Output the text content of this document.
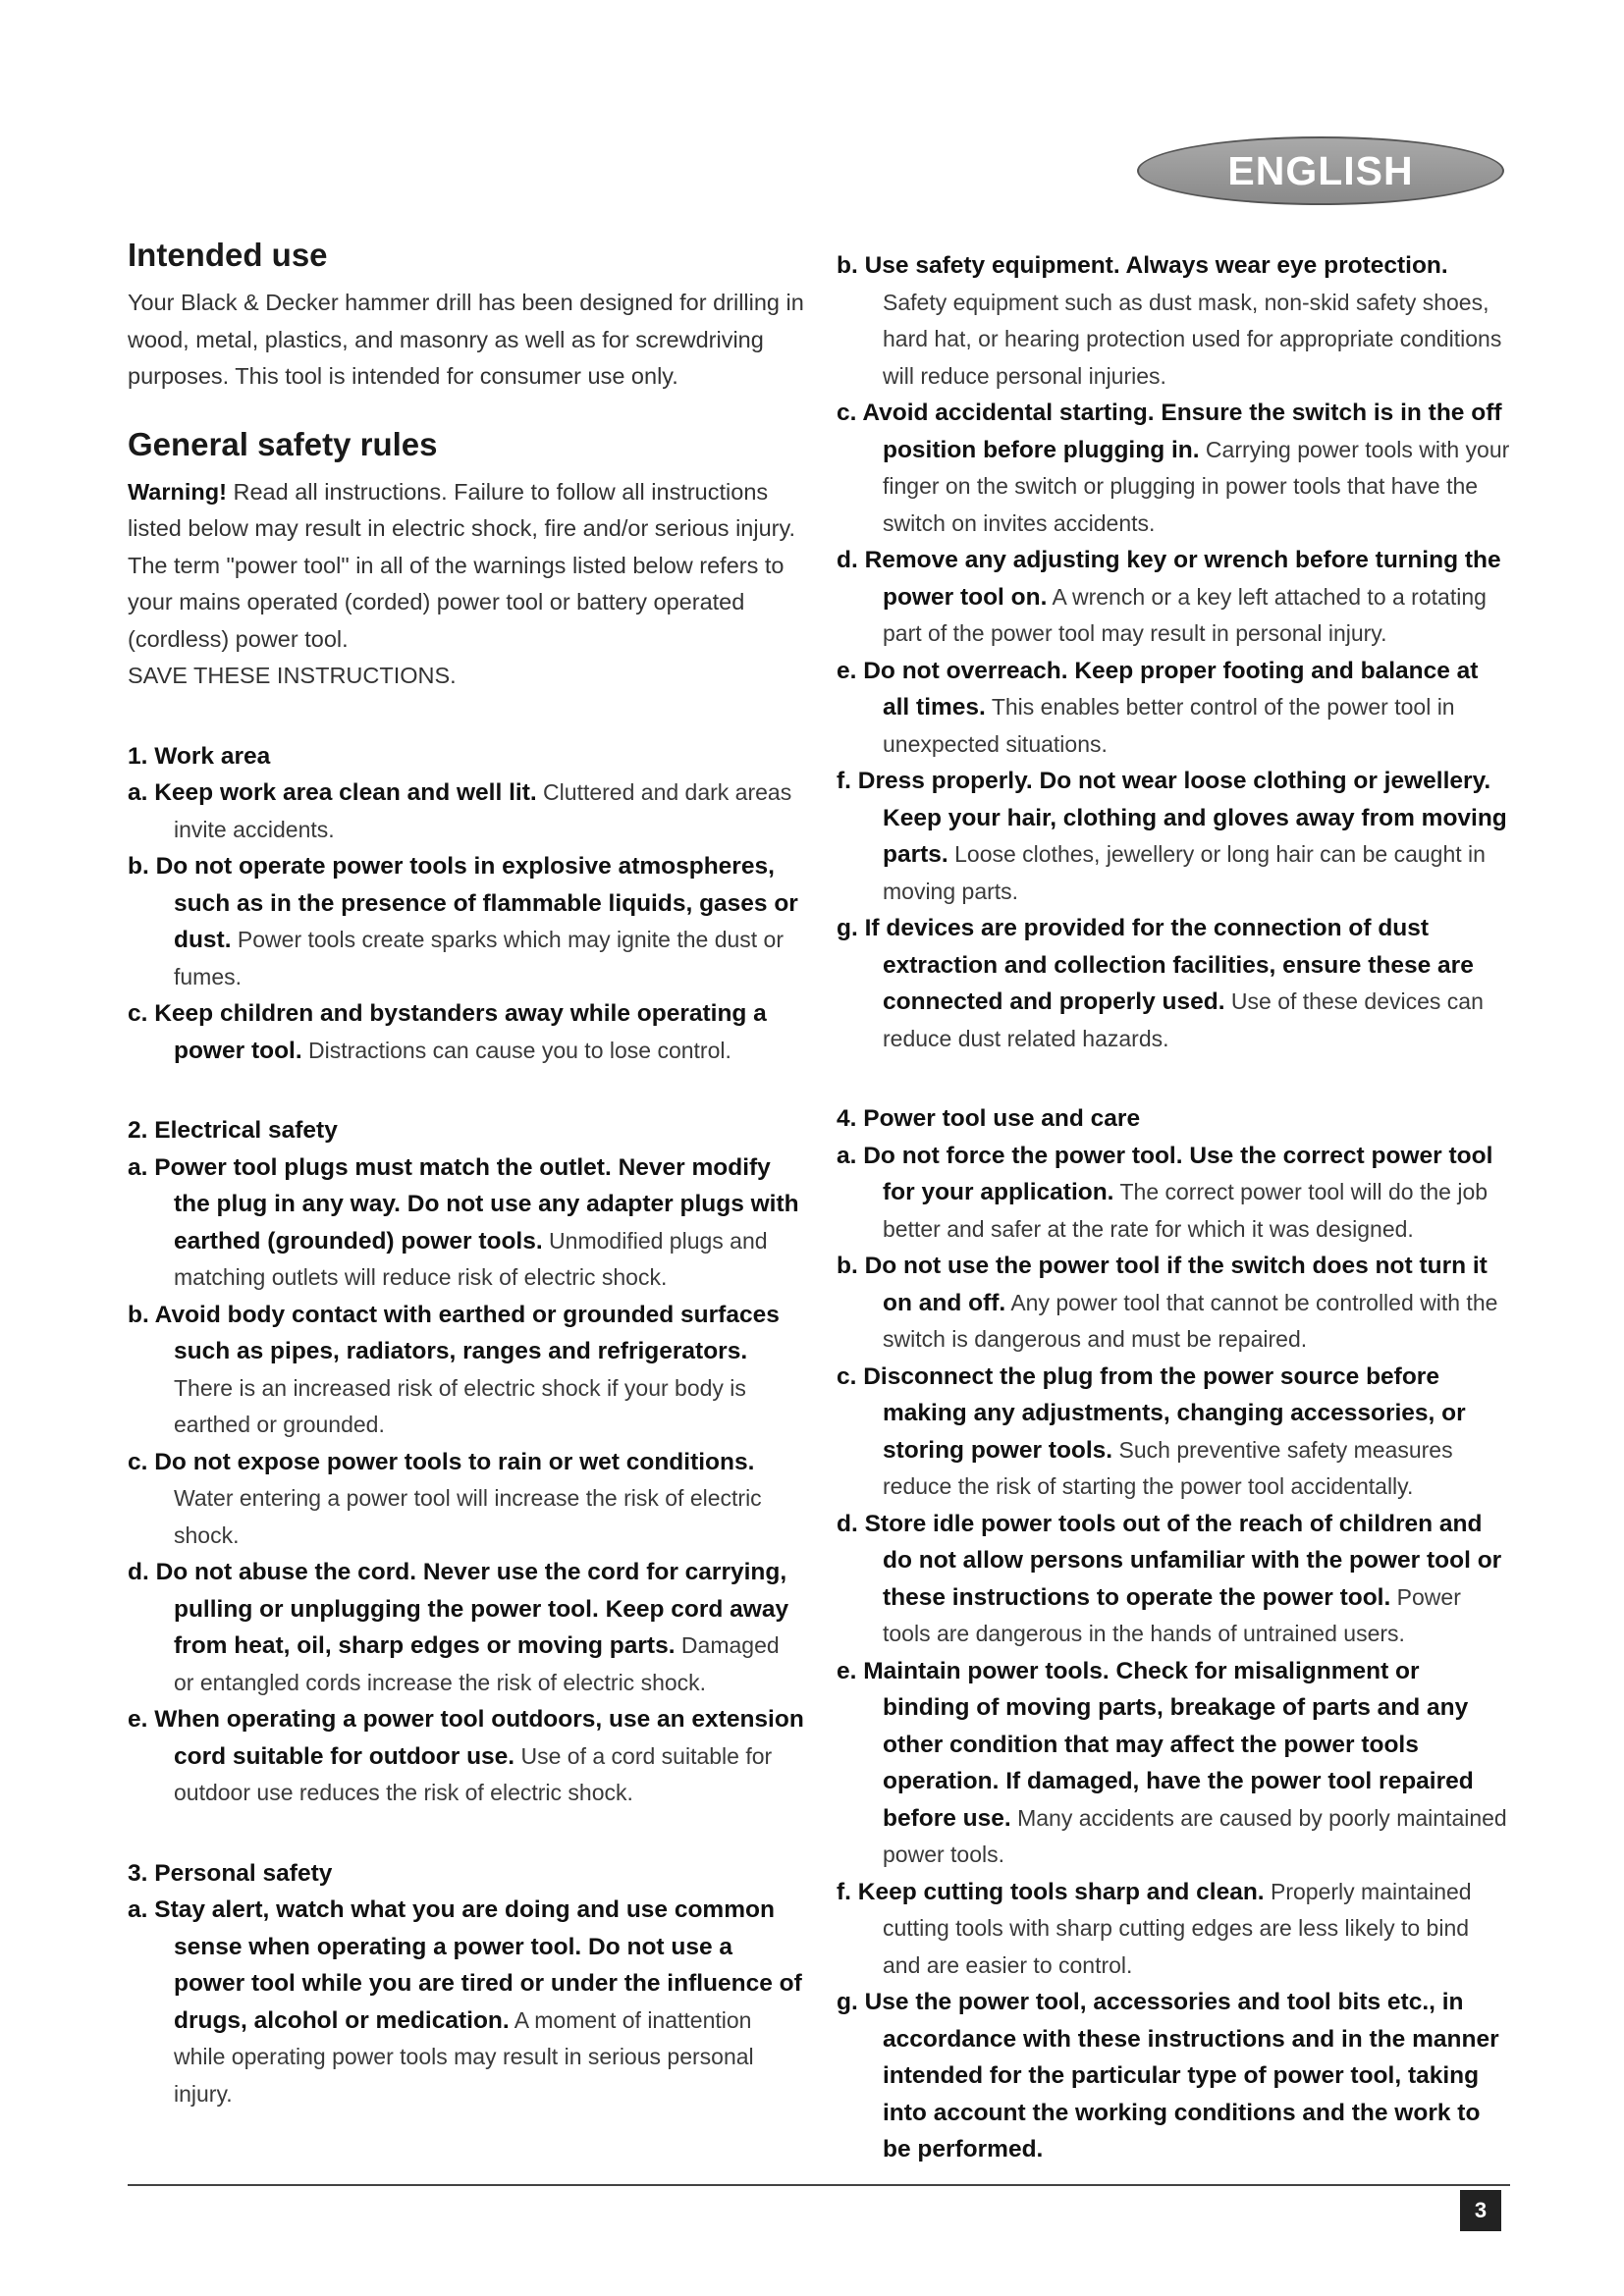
ENGLISH
Intended use

Your Black & Decker hammer drill has been designed for drilling in wood, metal, plastics, and masonry as well as for screwdriving purposes. This tool is intended for consumer use only.

General safety rules

Warning! Read all instructions. Failure to follow all instructions listed below may result in electric shock, fire and/or serious injury. The term "power tool" in all of the warnings listed below refers to your mains operated (corded) power tool or battery operated (cordless) power tool.

SAVE THESE INSTRUCTIONS.

1. Work area
a. Keep work area clean and well lit. Cluttered and dark areas invite accidents.
b. Do not operate power tools in explosive atmospheres, such as in the presence of flammable liquids, gases or dust. Power tools create sparks which may ignite the dust or fumes.
c. Keep children and bystanders away while operating a power tool. Distractions can cause you to lose control.
2. Electrical safety
a. Power tool plugs must match the outlet. Never modify the plug in any way. Do not use any adapter plugs with earthed (grounded) power tools. Unmodified plugs and matching outlets will reduce risk of electric shock.
b. Avoid body contact with earthed or grounded surfaces such as pipes, radiators, ranges and refrigerators. There is an increased risk of electric shock if your body is earthed or grounded.
c. Do not expose power tools to rain or wet conditions. Water entering a power tool will increase the risk of electric shock.
d. Do not abuse the cord. Never use the cord for carrying, pulling or unplugging the power tool. Keep cord away from heat, oil, sharp edges or moving parts. Damaged or entangled cords increase the risk of electric shock.
e. When operating a power tool outdoors, use an extension cord suitable for outdoor use. Use of a cord suitable for outdoor use reduces the risk of electric shock.
3. Personal safety
a. Stay alert, watch what you are doing and use common sense when operating a power tool. Do not use a power tool while you are tired or under the influence of drugs, alcohol or medication. A moment of inattention while operating power tools may result in serious personal injury.
b. Use safety equipment. Always wear eye protection. Safety equipment such as dust mask, non-skid safety shoes, hard hat, or hearing protection used for appropriate conditions will reduce personal injuries.
c. Avoid accidental starting. Ensure the switch is in the off position before plugging in. Carrying power tools with your finger on the switch or plugging in power tools that have the switch on invites accidents.
d. Remove any adjusting key or wrench before turning the power tool on. A wrench or a key left attached to a rotating part of the power tool may result in personal injury.
e. Do not overreach. Keep proper footing and balance at all times. This enables better control of the power tool in unexpected situations.
f. Dress properly. Do not wear loose clothing or jewellery. Keep your hair, clothing and gloves away from moving parts. Loose clothes, jewellery or long hair can be caught in moving parts.
g. If devices are provided for the connection of dust extraction and collection facilities, ensure these are connected and properly used. Use of these devices can reduce dust related hazards.
4. Power tool use and care
a. Do not force the power tool. Use the correct power tool for your application. The correct power tool will do the job better and safer at the rate for which it was designed.
b. Do not use the power tool if the switch does not turn it on and off. Any power tool that cannot be controlled with the switch is dangerous and must be repaired.
c. Disconnect the plug from the power source before making any adjustments, changing accessories, or storing power tools. Such preventive safety measures reduce the risk of starting the power tool accidentally.
d. Store idle power tools out of the reach of children and do not allow persons unfamiliar with the power tool or these instructions to operate the power tool. Power tools are dangerous in the hands of untrained users.
e. Maintain power tools. Check for misalignment or binding of moving parts, breakage of parts and any other condition that may affect the power tools operation. If damaged, have the power tool repaired before use. Many accidents are caused by poorly maintained power tools.
f. Keep cutting tools sharp and clean. Properly maintained cutting tools with sharp cutting edges are less likely to bind and are easier to control.
g. Use the power tool, accessories and tool bits etc., in accordance with these instructions and in the manner intended for the particular type of power tool, taking into account the working conditions and the work to be performed.
3
